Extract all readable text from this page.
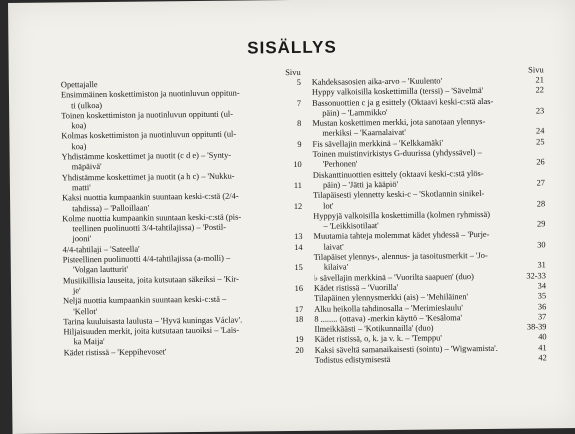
SISÄLLYS
Sivu
Opettajalle	5
Ensimmäinen koskettimiston ja nuotinluvun oppitun-
ti (ulkoa)	7
Toinen koskettimiston ja nuotinluvun oppitunti (ul-
koa)	8
Kolmas koskettimiston ja nuotinluvun oppitunti (ul-
koa)	9
Yhdistämme koskettimet ja nuotit (c d e) – 'Synty-
mäpäivä'	10
Yhdistämme koskettimet ja nuotit (a h c) – 'Nukku-
matti'	11
Kaksi nuottia kumpaankin suuntaan keski-c:stä (2/4-
tahdissa) – 'Palloillaan'	12
Kolme nuottia kumpaankin suuntaan keski-c:stä (pis-
teellinen puolinuotti 3/4-tahtilajissa) – 'Postil-
jooni'	13
4/4-tahtilaji – 'Sateella'	14
Pisteellinen puolinuotti 4/4-tahtilajissa (a-molli) –
'Volgan lautturit'	15
Musiikillisia lauseita, joita kutsutaan säkeiksi – 'Kir-
je'	16
Neljä nuottia kumpaankin suuntaan keski-c:stä –
'Kellot'	17
Tarina kuuluisasta laulusta – 'Hyvä kuningas Václav'.	18
Hiljaisuuden merkit, joita kutsutaan tauoiksi – 'Lais-
ka Maija'	19
Kädet ristissä – 'Keppihevoset'	20
Sivu
Kahdeksasosien aika-arvo – 'Kuulento'	21
Hyppy valkoisilla koskettimilla (terssi) – 'Sävelmä'	22
Bassonuottien c ja g esittely (Oktaavi keski-c:stä alas-
päin) – 'Lammikko'	23
Mustan koskettimen merkki, jota sanotaan ylennys-
merkiksi – 'Kaarnalaivat'	24
Fis sävellajin merkkinä – 'Kelkkamäki'	25
Toinen muistinvirkistys G-duurissa (yhdyssävel) –
'Perhonen'	26
Diskanttinuottien esittely (oktaavi keski-c:stä ylös-
päin) – 'Jätti ja kääpiö'	27
Tilapäisesti ylennetty keski-c – 'Skotlannin sinikel-
lot'	28
Hyppyjä valkoisilla koskettimilla (kolmen ryhmissä)
– 'Leikkisotilaat'	29
Muutamia tahteja molemmat kädet yhdessä – 'Purje-
laivat'	30
Tilapäiset ylennys-, alennus- ja tasoitusmerkit – 'Jo-
kilaiva'	31
♭ sävellajin merkkinä – 'Vuorilta saapuen' (duo)	32-33
Kädet ristissä – 'Vuorilla'	34
Tilapäinen ylennysmerkki (ais) – 'Mehiläinen'	35
Alku heikolla tahdinosalla – 'Merimieslaulu'	36
8 ........ (ottava) -merkin käyttö – 'Kesäloma'	37
Ilmeikkäästi – 'Kotikunnailla' (duo)	38-39
Kädet ristissä, o, k. ja v. k. – 'Temppu'	40
Kaksi säveltä samanaikaisesti (sointu) – 'Wigwamista'.	41
Todistus edistymisestä	42
